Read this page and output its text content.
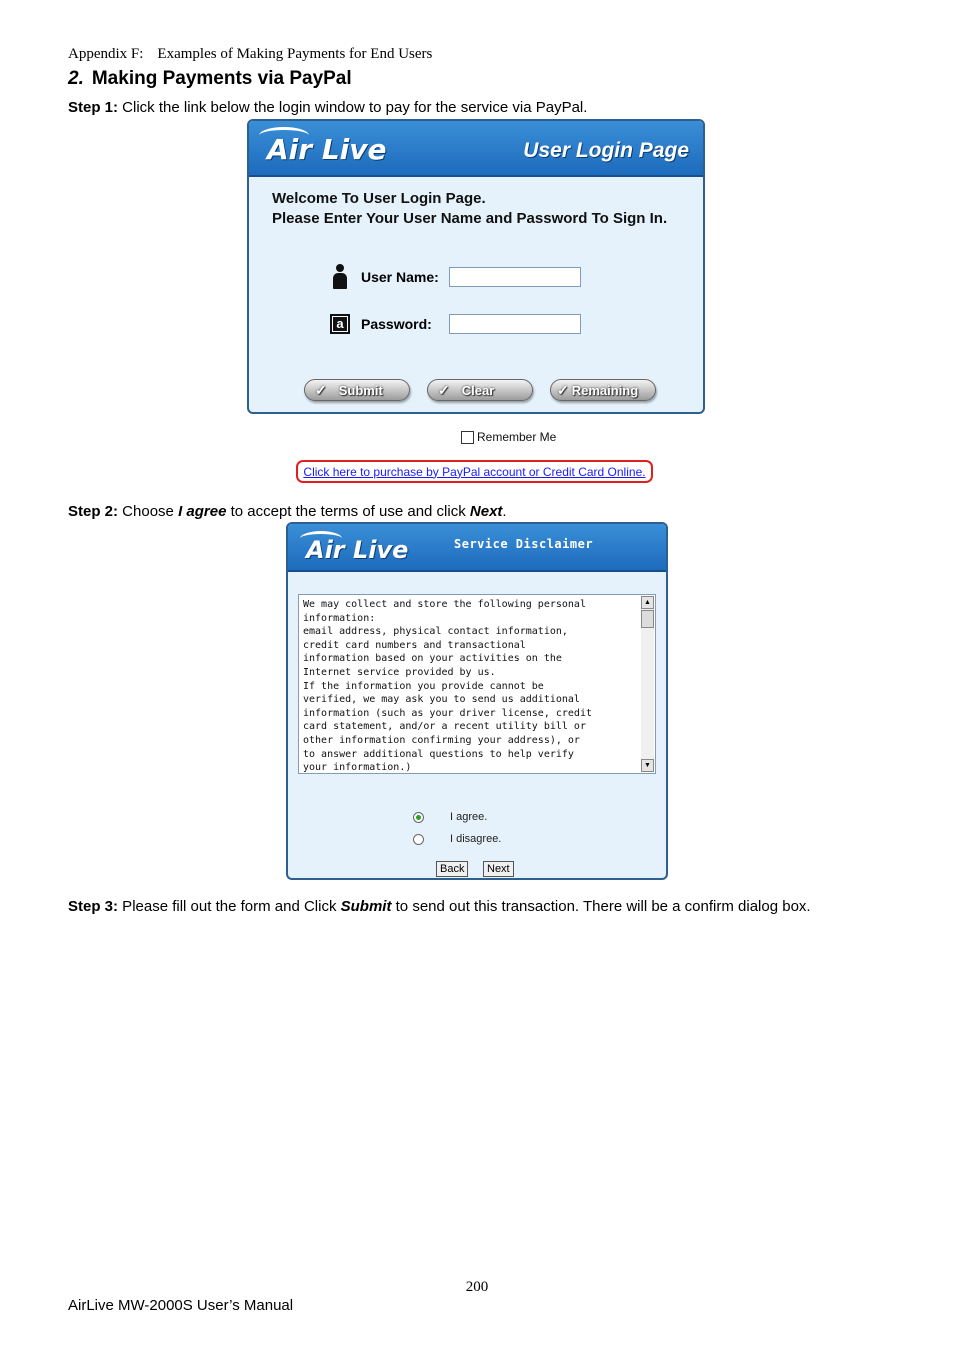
Appendix F: Examples of Making Payments for End Users
2. Making Payments via PayPal
Step 1: Click the link below the login window to pay for the service via PayPal.
Air Live	User Login Page
Welcome To User Login Page.
Please Enter Your User Name and Password To Sign In.
User Name:
a Password:
✓ Submit	✓ Clear	✓ Remaining
Remember Me
Click here to purchase by PayPal account or Credit Card Online.
Step 2: Choose I agree to accept the terms of use and click Next.
Air Live	Service Disclaimer
We may collect and store the following personal
information:
email address, physical contact information,
credit card numbers and transactional
information based on your activities on the
Internet service provided by us.
If the information you provide cannot be
verified, we may ask you to send us additional
information (such as your driver license, credit
card statement, and/or a recent utility bill or
other information confirming your address), or
to answer additional questions to help verify
your information.)
▲
▼
I agree.
I disagree.
Back	Next
Step 3: Please fill out the form and Click Submit to send out this transaction. There will be a confirm dialog box.
200
AirLive MW-2000S User’s Manual
